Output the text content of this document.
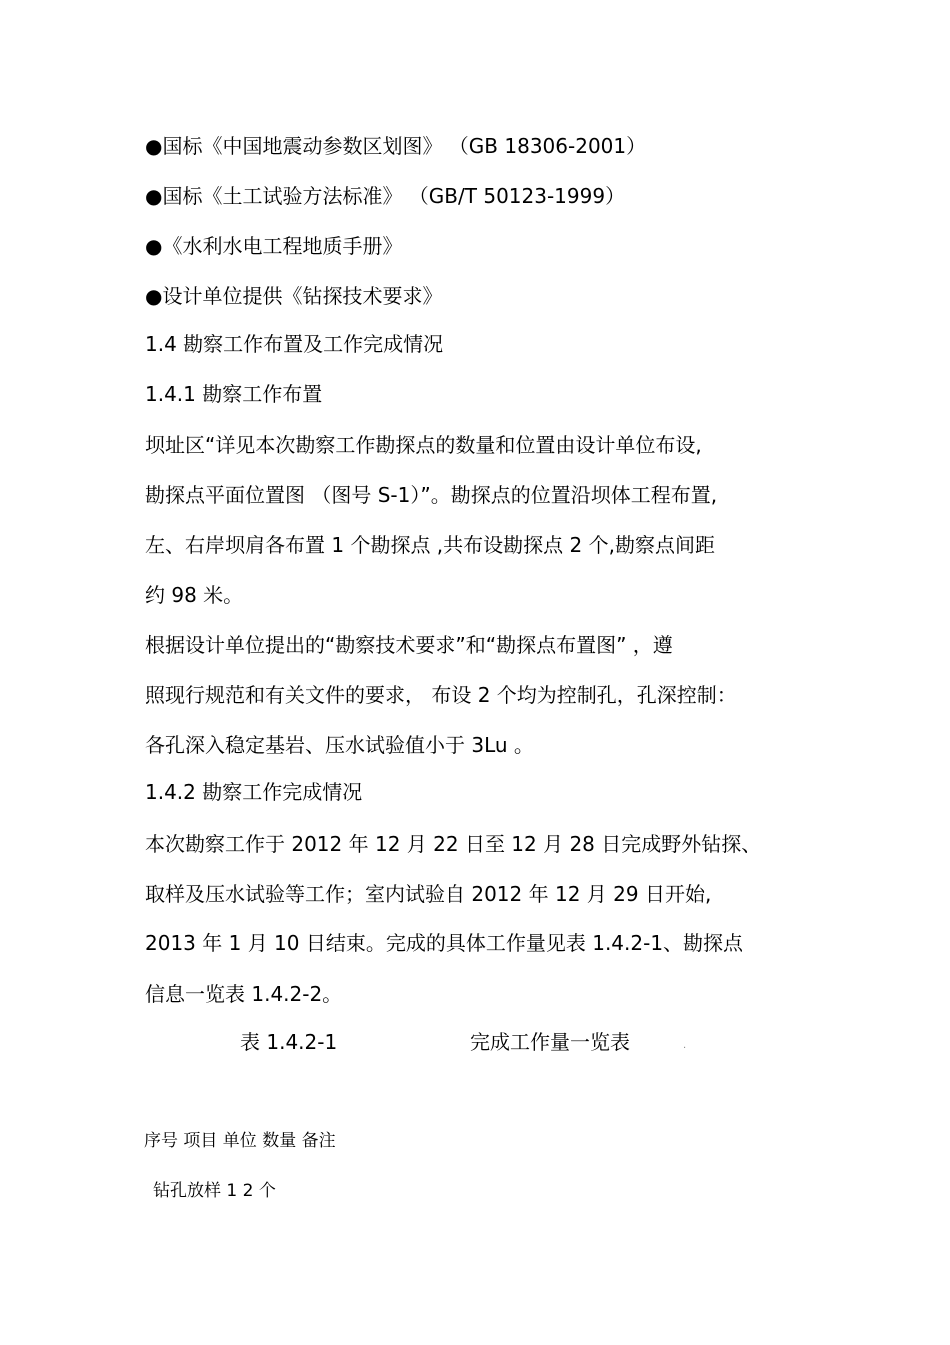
●国标《中国地震动参数区划图》 （GB 18306-2001）
●国标《土工试验方法标准》 （GB/T 50123-1999）
●《水利水电工程地质手册》
●设计单位提供《钻探技术要求》
1.4 勘察工作布置及工作完成情况
1.4.1 勘察工作布置
坝址区“详见本次勘察工作勘探点的数量和位置由设计单位布设,
勘探点平面位置图 （图号 S-1）”。勘探点的位置沿坝体工程布置,
左、右岸坝肩各布置 1 个勘探点 ,共布设勘探点 2 个,勘察点间距
约 98 米。
根据设计单位提出的“勘察技术要求”和“勘探点布置图” ，遵
照现行规范和有关文件的要求， 布设 2 个均为控制孔，孔深控制：
各孔深入稳定基岩、压水试验值小于 3Lu 。
1.4.2 勘察工作完成情况
本次勘察工作于 2012 年 12 月 22 日至 12 月 28 日完成野外钻探、
取样及压水试验等工作；室内试验自 2012 年 12 月 29 日开始,
2013 年 1 月 10 日结束。完成的具体工作量见表 1.4.2-1、勘探点
信息一览表 1.4.2-2。
表 1.4.2-1	完成工作量一览表	.
序号 项目 单位 数量 备注
钻孔放样 1 2 个
